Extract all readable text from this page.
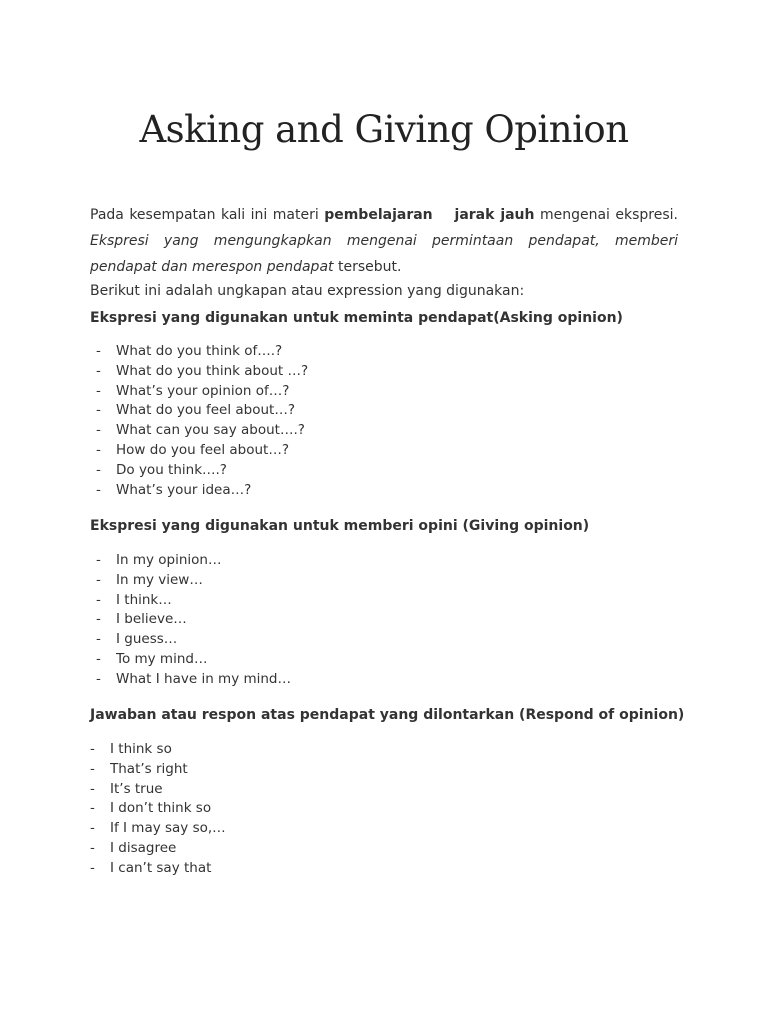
Asking and Giving Opinion

Pada kesempatan kali ini materi pembelajaran jarak jauh mengenai ekspresi. Ekspresi yang mengungkapkan mengenai permintaan pendapat, memberi pendapat dan merespon pendapat tersebut.

Berikut ini adalah ungkapan atau expression yang digunakan:

Ekspresi yang digunakan untuk meminta pendapat(Asking opinion)
- What do you think of….?
- What do you think about …?
- What’s your opinion of…?
- What do you feel about…?
- What can you say about….?
- How do you feel about…?
- Do you think….?
- What’s your idea…?
Ekspresi yang digunakan untuk memberi opini (Giving opinion)
- In my opinion…
- In my view…
- I think…
- I believe…
- I guess…
- To my mind…
- What I have in my mind…
Jawaban atau respon atas pendapat yang dilontarkan (Respond of opinion)
- I think so
- That’s right
- It’s true
- I don’t think so
- If I may say so,…
- I disagree
- I can’t say that
